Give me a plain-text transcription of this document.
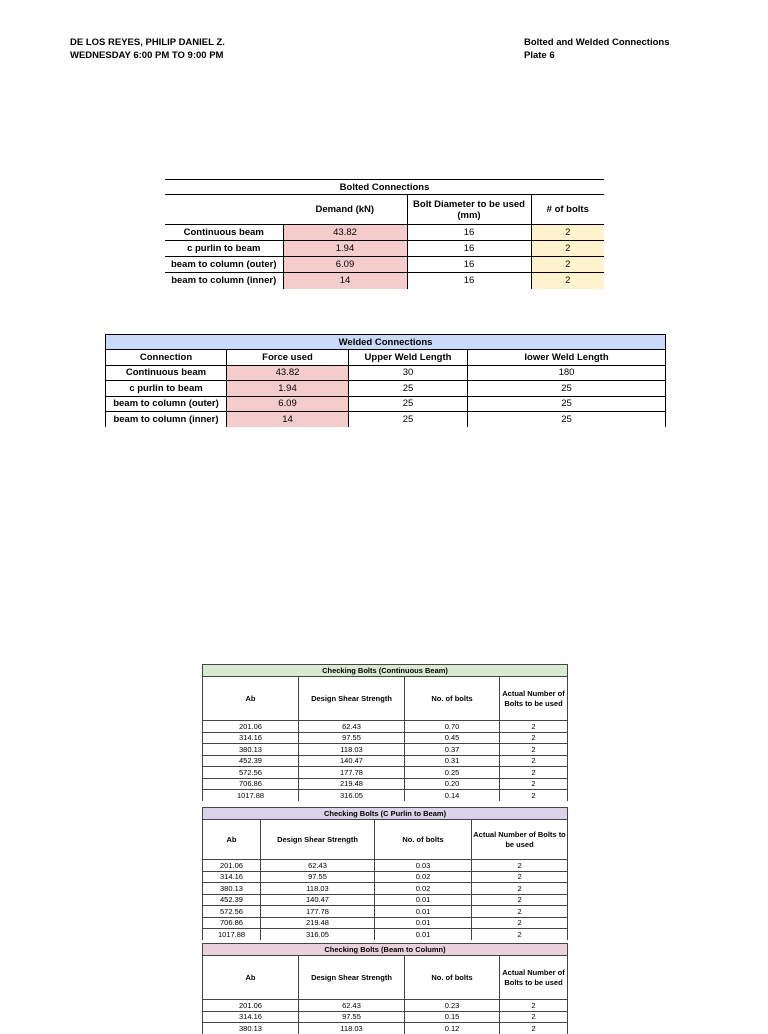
DE LOS REYES, PHILIP DANIEL Z.
WEDNESDAY 6:00 PM TO 9:00 PM
Bolted and Welded Connections
Plate 6
Bolted Connections			
	Demand (kN)	Bolt Diameter to be used (mm)	# of bolts
Continuous beam	43.82	16	2
c purlin to beam	1.94	16	2
beam to column (outer)	6.09	16	2
beam to column (inner)	14	16	2
Welded Connections			
Connection	Force used	Upper Weld Length	lower Weld Length
Continuous beam	43.82	30	180
c purlin to beam	1.94	25	25
beam to column (outer)	6.09	25	25
beam to column (inner)	14	25	25
Checking Bolts (Continuous Beam)			
Ab	Design Shear Strength	No. of bolts	Actual Number of Bolts to be used
201.06	62.43	0.70	2
314.16	97.55	0.45	2
380.13	118.03	0.37	2
452.39	140.47	0.31	2
572.56	177.78	0.25	2
706.86	219.48	0.20	2
1017.88	316.05	0.14	2
Checking Bolts (C Purlin to Beam)			
Ab	Design Shear Strength	No. of bolts	Actual Number of Bolts to be used
201.06	62.43	0.03	2
314.16	97.55	0.02	2
380.13	118.03	0.02	2
452.39	140.47	0.01	2
572.56	177.78	0.01	2
706.86	219.48	0.01	2
1017.88	316.05	0.01	2
Checking Bolts (Beam to Column)			
Ab	Design Shear Strength	No. of bolts	Actual Number of Bolts to be used
201.06	62.43	0.23	2
314.16	97.55	0.15	2
380.13	118.03	0.12	2
